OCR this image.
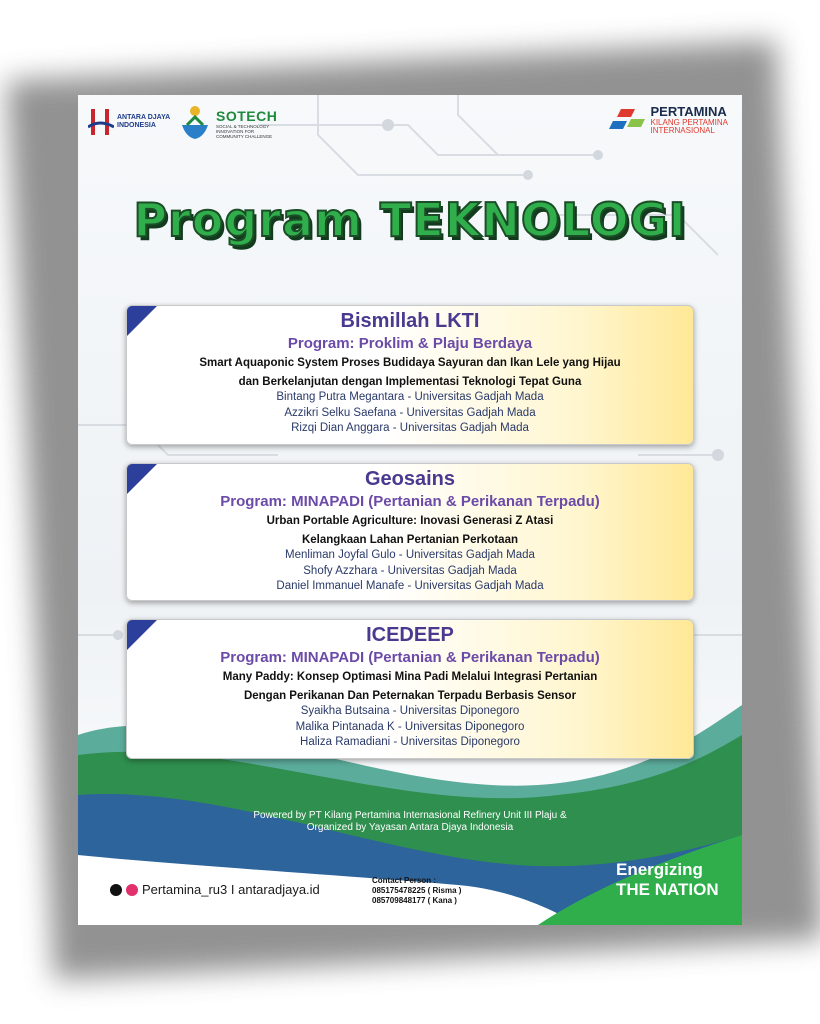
ANTARA DJAYA
INDONESIA
SOTECH
SOCIAL & TECHNOLOGY INNOVATION FOR COMMUNITY CHALLENGE
PERTAMINA
KILANG PERTAMINA
INTERNASIONAL
Program TEKNOLOGI
Bismillah LKTI
Program: Proklim & Plaju Berdaya
Smart Aquaponic System Proses Budidaya Sayuran dan Ikan Lele yang Hijau
dan Berkelanjutan dengan Implementasi Teknologi Tepat Guna
Bintang Putra Megantara - Universitas Gadjah Mada
Azzikri Selku Saefana - Universitas Gadjah Mada
Rizqi Dian Anggara - Universitas Gadjah Mada
Geosains
Program: MINAPADI (Pertanian & Perikanan Terpadu)
Urban Portable Agriculture: Inovasi Generasi Z Atasi
Kelangkaan Lahan Pertanian Perkotaan
Menliman Joyfal Gulo - Universitas Gadjah Mada
Shofy Azzhara - Universitas Gadjah Mada
Daniel Immanuel Manafe - Universitas Gadjah Mada
ICEDEEP
Program: MINAPADI (Pertanian & Perikanan Terpadu)
Many Paddy: Konsep Optimasi Mina Padi Melalui Integrasi Pertanian
Dengan Perikanan Dan Peternakan Terpadu Berbasis Sensor
Syaikha Butsaina - Universitas Diponegoro
Malika Pintanada K - Universitas Diponegoro
Haliza Ramadiani - Universitas Diponegoro
Powered by PT Kilang Pertamina Internasional Refinery Unit III Plaju &
Organized by Yayasan Antara Djaya Indonesia
Pertamina_ru3 I antaradjaya.id
Contact Person :
085175478225 ( Risma )
085709848177 ( Kana )
Energizing
THE NATION
